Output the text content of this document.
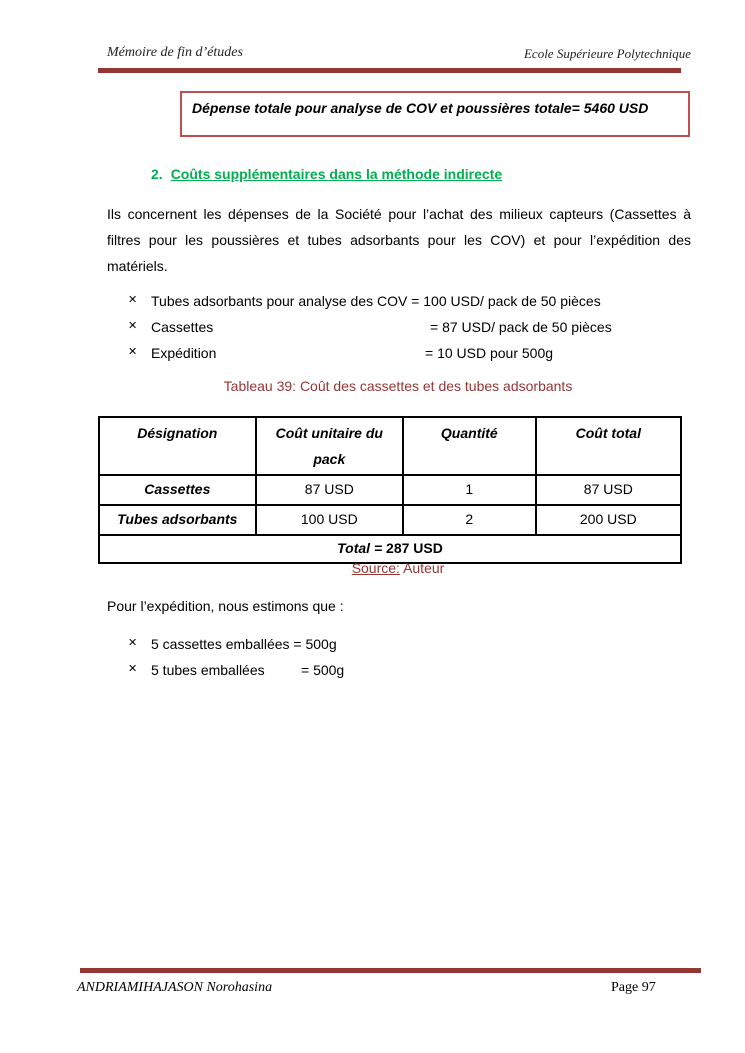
Mémoire de fin d’études	Ecole Supérieure Polytechnique
Dépense totale pour analyse de COV et poussières totale= 5460 USD
2. Coûts supplémentaires dans la méthode indirecte
Ils concernent les dépenses de la Société pour l’achat des milieux capteurs (Cassettes à filtres pour les poussières et tubes adsorbants pour les COV) et pour l’expédition des matériels.
✕ Tubes adsorbants pour analyse des COV = 100 USD/ pack de 50 pièces
✕ Cassettes	= 87 USD/ pack de 50 pièces
✕ Expédition	= 10 USD pour 500g
Tableau 39: Coût des cassettes et des tubes adsorbants
Désignation	Coût unitaire du pack	Quantité	Coût total
Cassettes	87 USD	1	87 USD
Tubes adsorbants	100 USD	2	200 USD
Total = 287 USD			
Source: Auteur
Pour l’expédition, nous estimons que :
✕ 5 cassettes emballées = 500g
✕ 5 tubes emballées	= 500g
ANDRIAMIHAJASON Norohasina	Page 97
